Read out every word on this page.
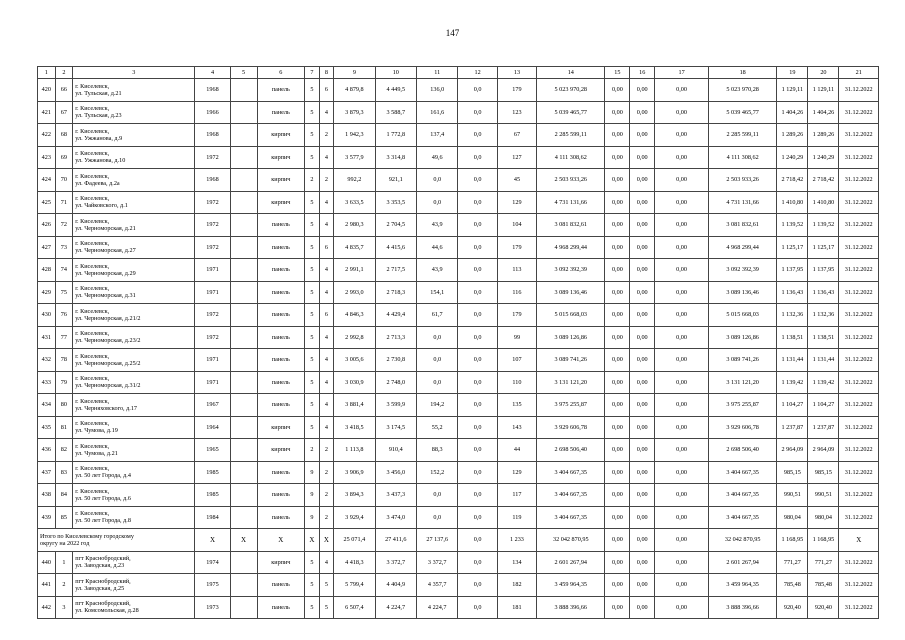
147
1	2	3	4	5	6	7	8	9	10	11	12	13	14	15	16	17	18	19	20	21
420	66	г. Киселевск,
ул. Тульская, д.21	1968		панель	5	6	4 879,8	4 449,5	136,0	0,0	179	5 023 970,28	0,00	0,00	0,00	5 023 970,28	1 129,11	1 129,11	31.12.2022
421	67	г. Киселевск,
ул. Тульская, д.23	1966		панель	5	4	3 879,3	3 588,7	161,6	0,0	123	5 039 465,77	0,00	0,00	0,00	5 039 465,77	1 404,26	1 404,26	31.12.2022
422	68	г. Киселевск,
ул. Ужжанова, д.9	1968		кирпич	5	2	1 942,3	1 772,8	137,4	0,0	67	2 285 599,11	0,00	0,00	0,00	2 285 599,11	1 289,26	1 289,26	31.12.2022
423	69	г. Киселевск,
ул. Ужжанова, д.10	1972		кирпич	5	4	3 577,9	3 314,8	49,6	0,0	127	4 111 308,62	0,00	0,00	0,00	4 111 308,62	1 240,29	1 240,29	31.12.2022
424	70	г. Киселевск,
ул. Фадеева, д.2а	1968		кирпич	2	2	992,2	921,1	0,0	0,0	45	2 503 933,26	0,00	0,00	0,00	2 503 933,26	2 718,42	2 718,42	31.12.2022
425	71	г. Киселевск,
ул. Чайковского, д.1	1972		кирпич	5	4	3 633,5	3 353,5	0,0	0,0	129	4 731 131,66	0,00	0,00	0,00	4 731 131,66	1 410,80	1 410,80	31.12.2022
426	72	г. Киселевск,
ул. Черноморская, д.21	1972		панель	5	4	2 980,3	2 704,5	43,9	0,0	104	3 081 832,61	0,00	0,00	0,00	3 081 832,61	1 139,52	1 139,52	31.12.2022
427	73	г. Киселевск,
ул. Черноморская, д.27	1972		панель	5	6	4 835,7	4 415,6	44,6	0,0	179	4 968 299,44	0,00	0,00	0,00	4 968 299,44	1 125,17	1 125,17	31.12.2022
428	74	г. Киселевск,
ул. Черноморская, д.29	1971		панель	5	4	2 991,1	2 717,5	43,9	0,0	113	3 092 392,39	0,00	0,00	0,00	3 092 392,39	1 137,95	1 137,95	31.12.2022
429	75	г. Киселевск,
ул. Черноморская, д.31	1971		панель	5	4	2 993,0	2 718,3	154,1	0,0	116	3 089 136,46	0,00	0,00	0,00	3 089 136,46	1 136,43	1 136,43	31.12.2022
430	76	г. Киселевск,
ул. Черноморская, д.21/2	1972		панель	5	6	4 846,3	4 429,4	61,7	0,0	179	5 015 668,03	0,00	0,00	0,00	5 015 668,03	1 132,36	1 132,36	31.12.2022
431	77	г. Киселевск,
ул. Черноморская, д.23/2	1972		панель	5	4	2 992,8	2 713,3	0,0	0,0	99	3 089 126,86	0,00	0,00	0,00	3 089 126,86	1 138,51	1 138,51	31.12.2022
432	78	г. Киселевск,
ул. Черноморская, д.25/2	1971		панель	5	4	3 005,6	2 730,8	0,0	0,0	107	3 089 741,26	0,00	0,00	0,00	3 089 741,26	1 131,44	1 131,44	31.12.2022
433	79	г. Киселевск,
ул. Черноморская, д.31/2	1971		панель	5	4	3 030,9	2 748,0	0,0	0,0	110	3 131 121,20	0,00	0,00	0,00	3 131 121,20	1 139,42	1 139,42	31.12.2022
434	80	г. Киселевск,
ул. Черняховского, д.17	1967		панель	5	4	3 881,4	3 599,9	194,2	0,0	135	3 975 255,87	0,00	0,00	0,00	3 975 255,87	1 104,27	1 104,27	31.12.2022
435	81	г. Киселевск,
ул. Чумова, д.19	1964		кирпич	5	4	3 418,5	3 174,5	55,2	0,0	143	3 929 606,78	0,00	0,00	0,00	3 929 606,78	1 237,87	1 237,87	31.12.2022
436	82	г. Киселевск,
ул. Чумова, д.21	1965		кирпич	2	2	1 113,8	910,4	88,3	0,0	44	2 698 506,40	0,00	0,00	0,00	2 698 506,40	2 964,09	2 964,09	31.12.2022
437	83	г. Киселевск,
ул. 50 лет Города, д.4	1985		панель	9	2	3 906,9	3 456,0	152,2	0,0	129	3 404 667,35	0,00	0,00	0,00	3 404 667,35	985,15	985,15	31.12.2022
438	84	г. Киселевск,
ул. 50 лет Города, д.6	1985		панель	9	2	3 894,3	3 437,3	0,0	0,0	117	3 404 667,35	0,00	0,00	0,00	3 404 667,35	990,51	990,51	31.12.2022
439	85	г. Киселевск,
ул. 50 лет Города, д.8	1984		панель	9	2	3 929,4	3 474,0	0,0	0,0	119	3 404 667,35	0,00	0,00	0,00	3 404 667,35	980,04	980,04	31.12.2022

Итого по Киселевскому городскому
округу на 2022 год			X	X	X	X	X	25 071,4	27 411,6	27 137,6	0,0	1 233	32 042 870,95	0,00	0,00	0,00	32 042 870,95	1 168,95	1 168,95	X
440	1	пгт Краснобродский,
ул. Заводская, д.23	1974		кирпич	5	4	4 418,3	3 372,7	3 372,7	0,0	134	2 601 267,94	0,00	0,00	0,00	2 601 267,94	771,27	771,27	31.12.2022
441	2	пгт Краснобродский,
ул. Заводская, д.25	1975		панель	5	5	5 799,4	4 404,9	4 357,7	0,0	182	3 459 964,35	0,00	0,00	0,00	3 459 964,35	785,48	785,48	31.12.2022
442	3	пгт Краснобродский,
ул. Комсомольская, д.28	1973		панель	5	5	6 507,4	4 224,7	4 224,7	0,0	181	3 888 396,66	0,00	0,00	0,00	3 888 396,66	920,40	920,40	31.12.2022
